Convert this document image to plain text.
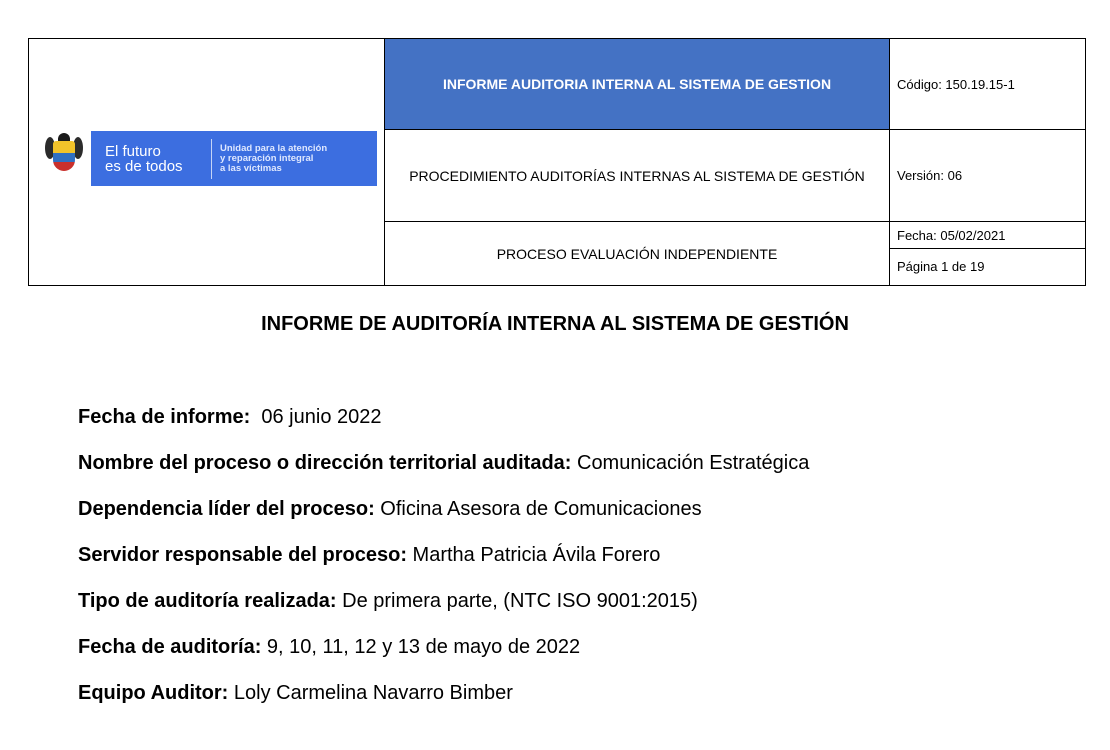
El futuro
es de todos
Unidad para la atención
y reparación integral
a las víctimas	INFORME AUDITORIA INTERNA AL SISTEMA DE GESTION	Código: 150.19.15-1
	PROCEDIMIENTO AUDITORÍAS INTERNAS AL SISTEMA DE GESTIÓN	Versión: 06
	PROCESO EVALUACIÓN INDEPENDIENTE	Fecha: 05/02/2021
Página 1 de 19
INFORME DE AUDITORÍA INTERNA AL SISTEMA DE GESTIÓN
Fecha de informe:  06 junio 2022
Nombre del proceso o dirección territorial auditada: Comunicación Estratégica
Dependencia líder del proceso: Oficina Asesora de Comunicaciones
Servidor responsable del proceso: Martha Patricia Ávila Forero
Tipo de auditoría realizada: De primera parte, (NTC ISO 9001:2015)
Fecha de auditoría: 9, 10, 11, 12 y 13 de mayo de 2022
Equipo Auditor: Loly Carmelina Navarro Bimber
